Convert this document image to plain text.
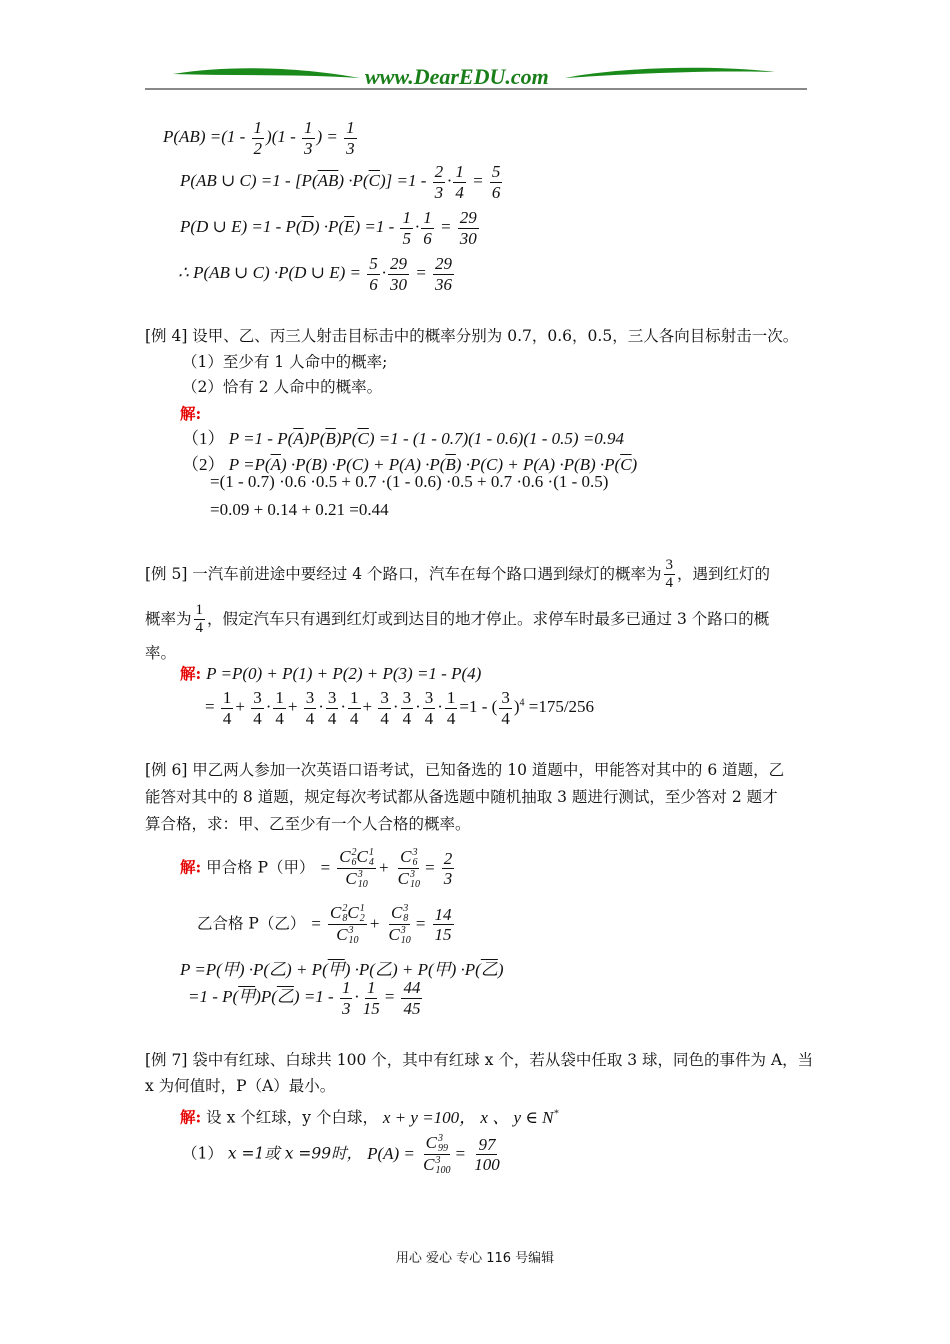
www.DearEDU.com
$P(AB) =(1 - \frac{1}{2} )(1 - \frac{1}{3}$ ) = $\frac{1}{3}$
P(AB ∪ $C) =1 - [P(\overline{AB}) \cdot P(\overline{C})] =1 - \frac{2}{3} \cdot \frac{1}{4} = \frac{5}{6}$
P(D ∪ $E) =1 - P(\overline{D}) \cdot P(\overline{E}) =1 - \frac{1}{5} \cdot \frac{1}{6} = \frac{29}{30}$
∴ P(AB ∪ C) ·P(D ∪ $E) = \frac{5}{6} \cdot \frac{29}{30} = \frac{29}{36}$
[例 4] 设甲、乙、丙三人射击目标击中的概率分别为 0.7，0.6，0.5，三人各向目标射击一次。
（1）至少有 1 人命中的概率;
（2）恰有 2 人命中的概率。
解:
（1） $P =1 - P(\overline{A})P(\overline{B})P(\overline{C}) =1 - (1 - 0.7)(1 - 0.6)(1 - 0.5) =0.94$
（2） $P =P(\overline{A}) \cdot P(B) \cdot P(C) + P(A) \cdot P(\overline{B}) \cdot P(C) + P(A) \cdot P(B) \cdot P(\overline{C})$
=(1 - 0.7) ·0.6 ·0.5 + 0.7 ·(1 - 0.6) ·0.5 + 0.7 ·0.6 ·(1 - 0.5)
=0.09 + 0.14 + 0.21 =0.44
[例 5] 一汽车前进途中要经过 4 个路口，汽车在每个路口遇到绿灯的概率为 $\frac{3}{4}$ ，遇到红灯的
概率为 $\frac{1}{4}$ ，假定汽车只有遇到红灯或到达目的地才停止。求停车时最多已通过 3 个路口的概
率。
解: P =P(0) + P(1) + P(2) + P(3) =1 - P(4)
= $\frac{1}{4} + \frac{3}{4} \cdot \frac{1}{4} + \frac{3}{4} \cdot \frac{3}{4} \cdot \frac{1}{4} + \frac{3}{4} \cdot \frac{3}{4} \cdot \frac{3}{4} \cdot \frac{1}{4} =1$ - ( $\frac{3}{4} )^4 =175/256$
[例 6] 甲乙两人参加一次英语口语考试，已知备选的 10 道题中，甲能答对其中的 6 道题，乙
能答对其中的 8 道题，规定每次考试都从备选题中随机抽取 3 题进行测试，至少答对 2 题才
算合格，求：甲、乙至少有一个人合格的概率。
解: 甲合格 P（甲） = C 2
6 C 1
4
C 3
10 + C 3
6
C 3
$10 = \frac{2}{3}$
乙合格 P（乙） = C 2
8 C 1
2
C 3
10 + C 3
8
C 3
$10 = \frac{14}{15}$
P =P(甲) ·P(乙) + P(甲) ·P(乙) + P(甲) ·P(乙)
=1 - P(甲)P(乙) $=1 - \frac{1}{3} \cdot \frac{1}{15} = \frac{44}{45}$
[例 7] 袋中有红球、白球共 100 个，其中有红球 x 个，若从袋中任取 3 球，同色的事件为 A，当
x 为何值时，P（A）最小。
解: 设 x 个红球，y 个白球， x + y =100， x 、 y ∈ N*
（1） x =1或 x =99时， P(A) = C 3
99
C 3
$100 = \frac{97}{100}$
用心 爱心 专心 116 号编辑
